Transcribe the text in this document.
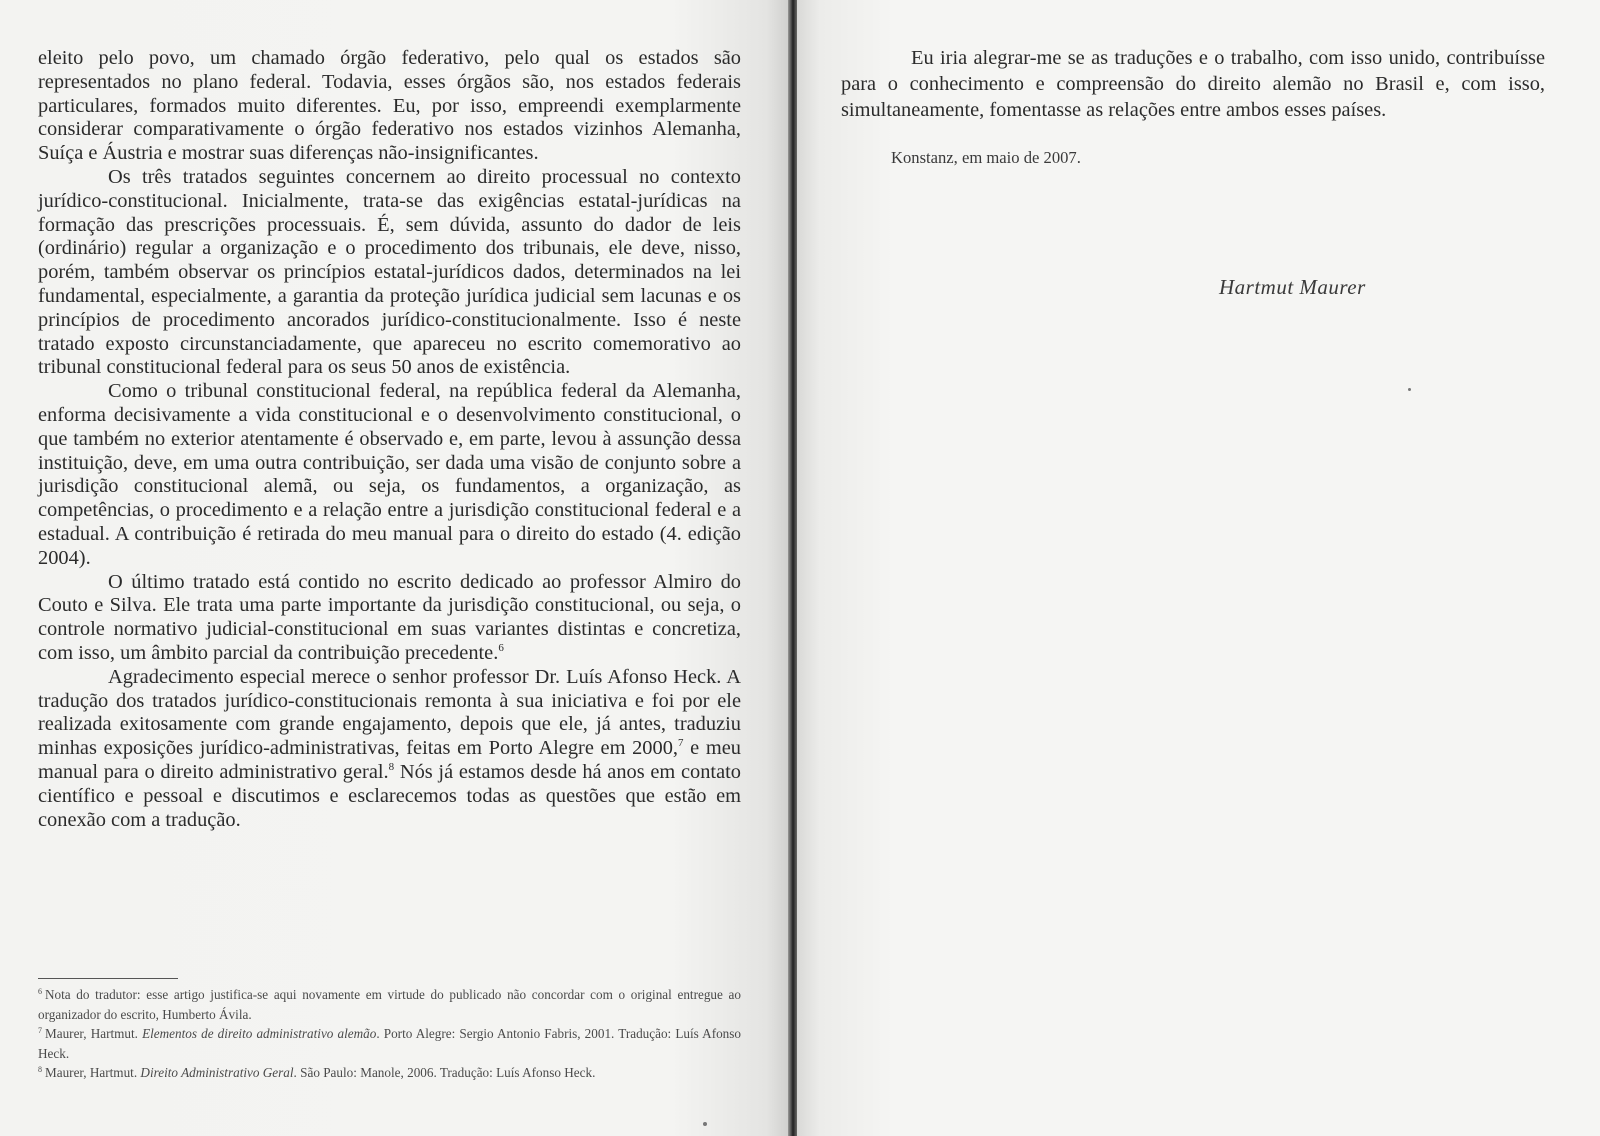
eleito pelo povo, um chamado órgão federativo, pelo qual os estados são representados no plano federal. Todavia, esses órgãos são, nos estados federais particulares, formados muito diferentes. Eu, por isso, empreendi exemplarmente considerar comparativamente o órgão federativo nos estados vizinhos Alemanha, Suíça e Áustria e mostrar suas diferenças não-insignificantes.

Os três tratados seguintes concernem ao direito processual no contexto jurídico-constitucional. Inicialmente, trata-se das exigências estatal-jurídicas na formação das prescrições processuais. É, sem dúvida, assunto do dador de leis (ordinário) regular a organização e o procedimento dos tribunais, ele deve, nisso, porém, também observar os princípios estatal-jurídicos dados, determinados na lei fundamental, especialmente, a garantia da proteção jurídica judicial sem lacunas e os princípios de procedimento ancorados jurídico-constitucionalmente. Isso é neste tratado exposto circunstanciadamente, que apareceu no escrito comemorativo ao tribunal constitucional federal para os seus 50 anos de existência.

Como o tribunal constitucional federal, na república federal da Alemanha, enforma decisivamente a vida constitucional e o desenvolvimento constitucional, o que também no exterior atentamente é observado e, em parte, levou à assunção dessa instituição, deve, em uma outra contribuição, ser dada uma visão de conjunto sobre a jurisdição constitucional alemã, ou seja, os fundamentos, a organização, as competências, o procedimento e a relação entre a jurisdição constitucional federal e a estadual. A contribuição é retirada do meu manual para o direito do estado (4. edição 2004).

O último tratado está contido no escrito dedicado ao professor Almiro do Couto e Silva. Ele trata uma parte importante da jurisdição constitucional, ou seja, o controle normativo judicial-constitucional em suas variantes distintas e concretiza, com isso, um âmbito parcial da contribuição precedente.$^6$

Agradecimento especial merece o senhor professor Dr. Luís Afonso Heck. A tradução dos tratados jurídico-constitucionais remonta à sua iniciativa e foi por ele realizada exitosamente com grande engajamento, depois que ele, já antes, traduziu minhas exposições jurídico-administrativas, feitas em Porto Alegre em 2000,$^7$ e meu manual para o direito administrativo geral.$^8$ Nós já estamos desde há anos em contato científico e pessoal e discutimos e esclarecemos todas as questões que estão em conexão com a tradução.

$^6$ Nota do tradutor: esse artigo justifica-se aqui novamente em virtude do publicado não concordar com o original entregue ao organizador do escrito, Humberto Ávila.

$^7$ Maurer, Hartmut. Elementos de direito administrativo alemão. Porto Alegre: Sergio Antonio Fabris, 2001. Tradução: Luís Afonso Heck.

$^8$ Maurer, Hartmut. Direito Administrativo Geral. São Paulo: Manole, 2006. Tradução: Luís Afonso Heck.

Eu iria alegrar-me se as traduções e o trabalho, com isso unido, contribuísse para o conhecimento e compreensão do direito alemão no Brasil e, com isso, simultaneamente, fomentasse as relações entre ambos esses países.

Konstanz, em maio de 2007.
Hartmut Maurer
